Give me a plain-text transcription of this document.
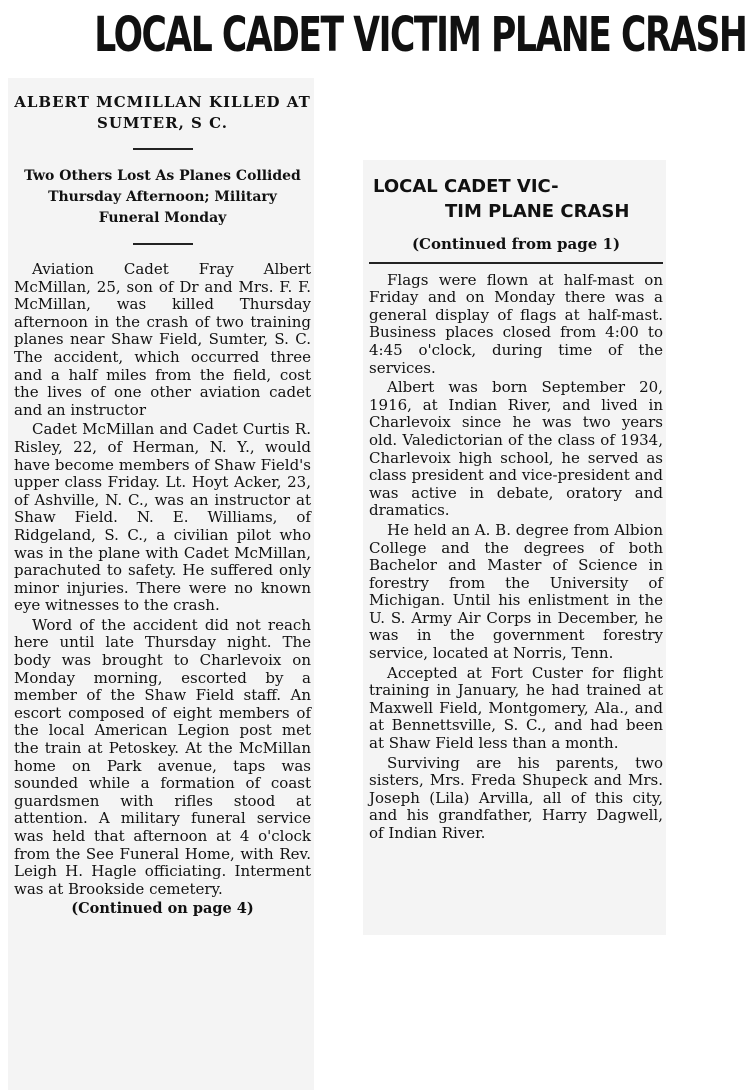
LOCAL CADET VICTIM PLANE CRASH
ALBERT MCMILLAN KILLED AT SUMTER, S C.
Two Others Lost As Planes Collided Thursday Afternoon; Military Funeral Monday

Aviation Cadet Fray Albert McMillan, 25, son of Dr and Mrs. F. F. McMillan, was killed Thursday afternoon in the crash of two training planes near Shaw Field, Sumter, S. C. The accident, which occurred three and a half miles from the field, cost the lives of one other aviation cadet and an instructor

Cadet McMillan and Cadet Curtis R. Risley, 22, of Herman, N. Y., would have become members of Shaw Field's upper class Friday. Lt. Hoyt Acker, 23, of Ashville, N. C., was an instructor at Shaw Field. N. E. Williams, of Ridgeland, S. C., a civilian pilot who was in the plane with Cadet McMillan, parachuted to safety. He suffered only minor injuries. There were no known eye witnesses to the crash.

Word of the accident did not reach here until late Thursday night. The body was brought to Charlevoix on Monday morning, escorted by a member of the Shaw Field staff. An escort composed of eight members of the local American Legion post met the train at Petoskey. At the McMillan home on Park avenue, taps was sounded while a formation of coast guardsmen with rifles stood at attention. A military funeral service was held that afternoon at 4 o'clock from the See Funeral Home, with Rev. Leigh H. Hagle officiating. Interment was at Brookside cemetery.

(Continued on page 4)
LOCAL CADET VIC-
TIM PLANE CRASH
(Continued from page 1)

Flags were flown at half-mast on Friday and on Monday there was a general display of flags at half-mast. Business places closed from 4:00 to 4:45 o'clock, during time of the services.

Albert was born September 20, 1916, at Indian River, and lived in Charlevoix since he was two years old. Valedictorian of the class of 1934, Charlevoix high school, he served as class president and vice-president and was active in debate, oratory and dramatics.

He held an A. B. degree from Albion College and the degrees of both Bachelor and Master of Science in forestry from the University of Michigan. Until his enlistment in the U. S. Army Air Corps in December, he was in the government forestry service, located at Norris, Tenn.

Accepted at Fort Custer for flight training in January, he had trained at Maxwell Field, Montgomery, Ala., and at Bennettsville, S. C., and had been at Shaw Field less than a month.

Surviving are his parents, two sisters, Mrs. Freda Shupeck and Mrs. Joseph (Lila) Arvilla, all of this city, and his grandfather, Harry Dagwell, of Indian River.
